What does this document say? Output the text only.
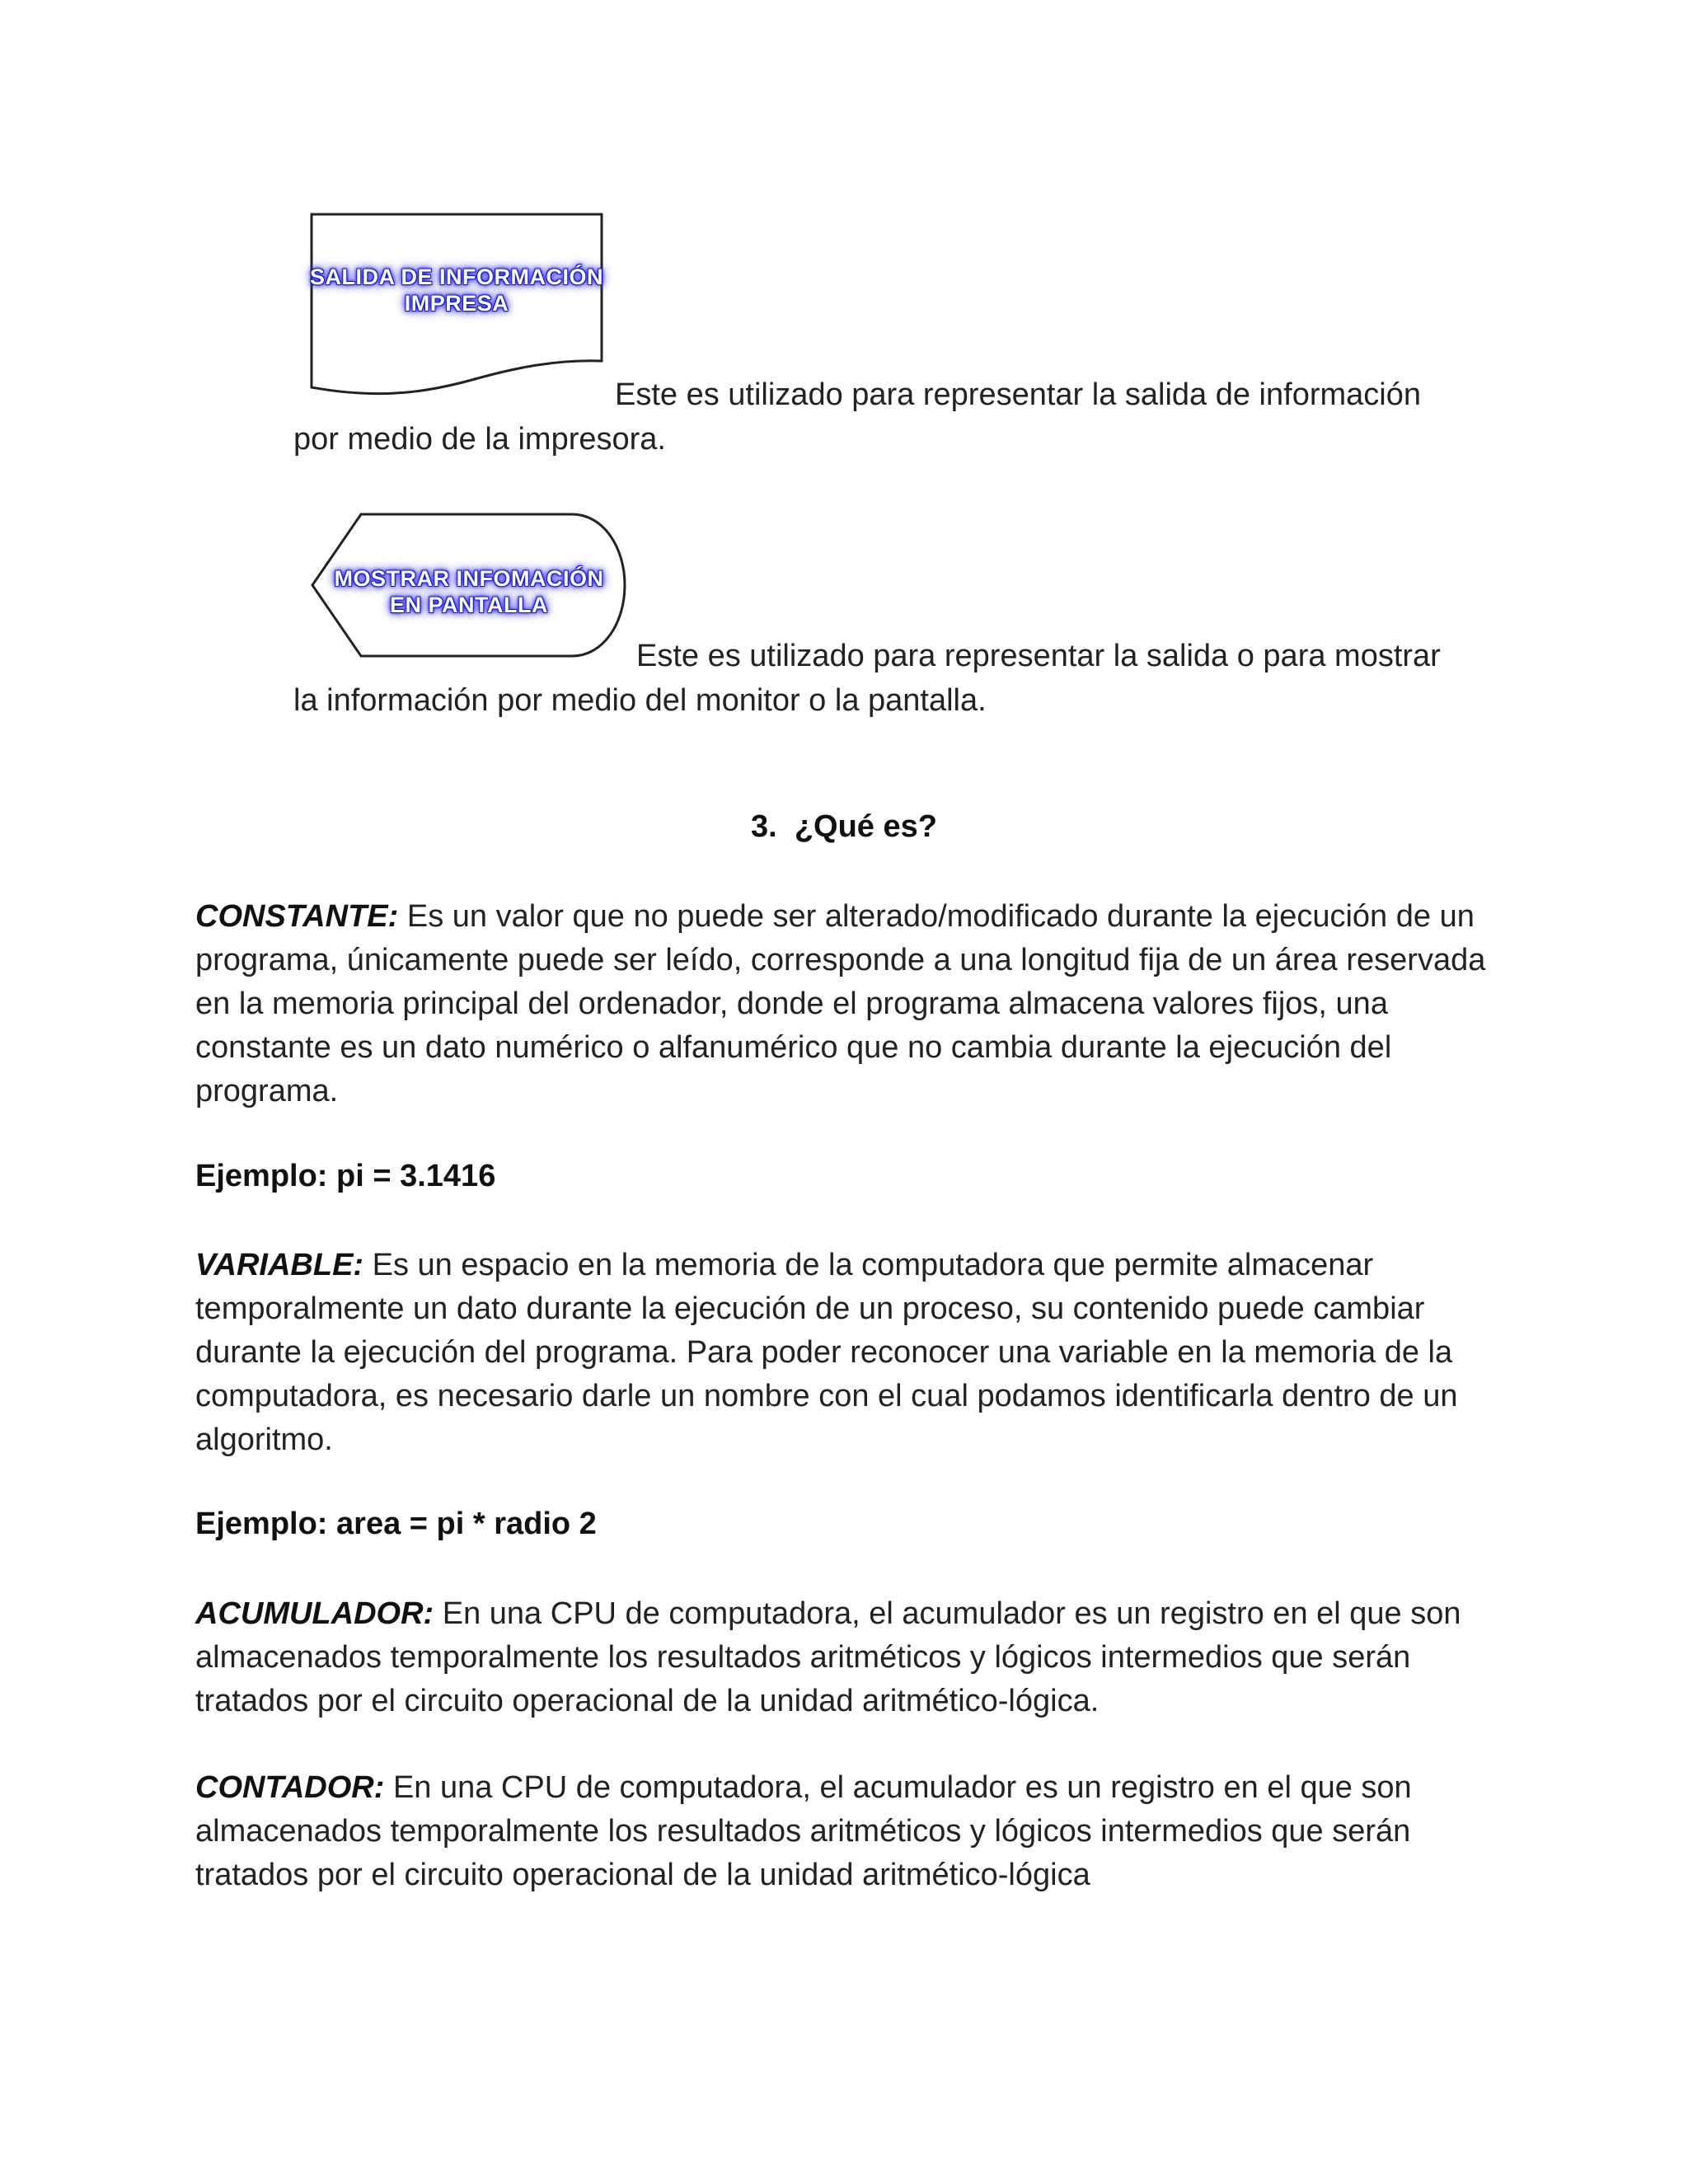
SALIDA DE INFORMACIÓN
IMPRESA
Este es utilizado para representar la salida de información
por medio de la impresora.
MOSTRAR INFOMACIÓN
EN PANTALLA
Este es utilizado para representar la salida o para mostrar
la información por medio del monitor o la pantalla.
3. ¿Qué es?
CONSTANTE: Es un valor que no puede ser alterado/modificado durante la ejecución de un programa, únicamente puede ser leído, corresponde a una longitud fija de un área reservada en la memoria principal del ordenador, donde el programa almacena valores fijos, una constante es un dato numérico o alfanumérico que no cambia durante la ejecución del programa.
Ejemplo: pi = 3.1416
VARIABLE: Es un espacio en la memoria de la computadora que permite almacenar temporalmente un dato durante la ejecución de un proceso, su contenido puede cambiar durante la ejecución del programa. Para poder reconocer una variable en la memoria de la computadora, es necesario darle un nombre con el cual podamos identificarla dentro de un algoritmo.
Ejemplo: area = pi * radio 2
ACUMULADOR: En una CPU de computadora, el acumulador es un registro en el que son almacenados temporalmente los resultados aritméticos y lógicos intermedios que serán tratados por el circuito operacional de la unidad aritmético-lógica.
CONTADOR: En una CPU de computadora, el acumulador es un registro en el que son almacenados temporalmente los resultados aritméticos y lógicos intermedios que serán tratados por el circuito operacional de la unidad aritmético-lógica
